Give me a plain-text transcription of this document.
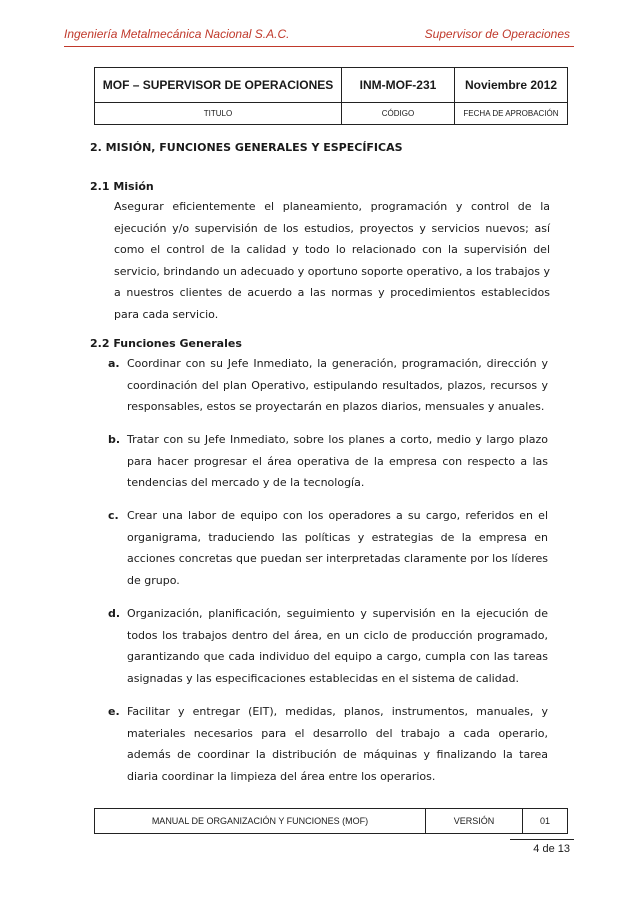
Ingeniería Metalmecánica Nacional S.A.C.	Supervisor de Operaciones
MOF – SUPERVISOR DE OPERACIONES	INM-MOF-231	Noviembre 2012
TITULO	CÓDIGO	FECHA DE APROBACIÓN
2. MISIÓN, FUNCIONES GENERALES Y ESPECÍFICAS
2.1 Misión
Asegurar eficientemente el planeamiento, programación y control de la ejecución y/o supervisión de los estudios, proyectos y servicios nuevos; así como el control de la calidad y todo lo relacionado con la supervisión del servicio, brindando un adecuado y oportuno soporte operativo, a los trabajos y a nuestros clientes de acuerdo a las normas y procedimientos establecidos para cada servicio.
2.2 Funciones Generales
a. Coordinar con su Jefe Inmediato, la generación, programación, dirección y coordinación del plan Operativo, estipulando resultados, plazos, recursos y responsables, estos se proyectarán en plazos diarios, mensuales y anuales.
b. Tratar con su Jefe Inmediato, sobre los planes a corto, medio y largo plazo para hacer progresar el área operativa de la empresa con respecto a las tendencias del mercado y de la tecnología.
c. Crear una labor de equipo con los operadores a su cargo, referidos en el organigrama, traduciendo las políticas y estrategias de la empresa en acciones concretas que puedan ser interpretadas claramente por los líderes de grupo.
d. Organización, planificación, seguimiento y supervisión en la ejecución de todos los trabajos dentro del área, en un ciclo de producción programado, garantizando que cada individuo del equipo a cargo, cumpla con las tareas asignadas y las especificaciones establecidas en el sistema de calidad.
e. Facilitar y entregar (EIT), medidas, planos, instrumentos, manuales, y materiales necesarios para el desarrollo del trabajo a cada operario, además de coordinar la distribución de máquinas y finalizando la tarea diaria coordinar la limpieza del área entre los operarios.
MANUAL DE ORGANIZACIÓN Y FUNCIONES (MOF)	VERSIÓN	01
4 de 13
